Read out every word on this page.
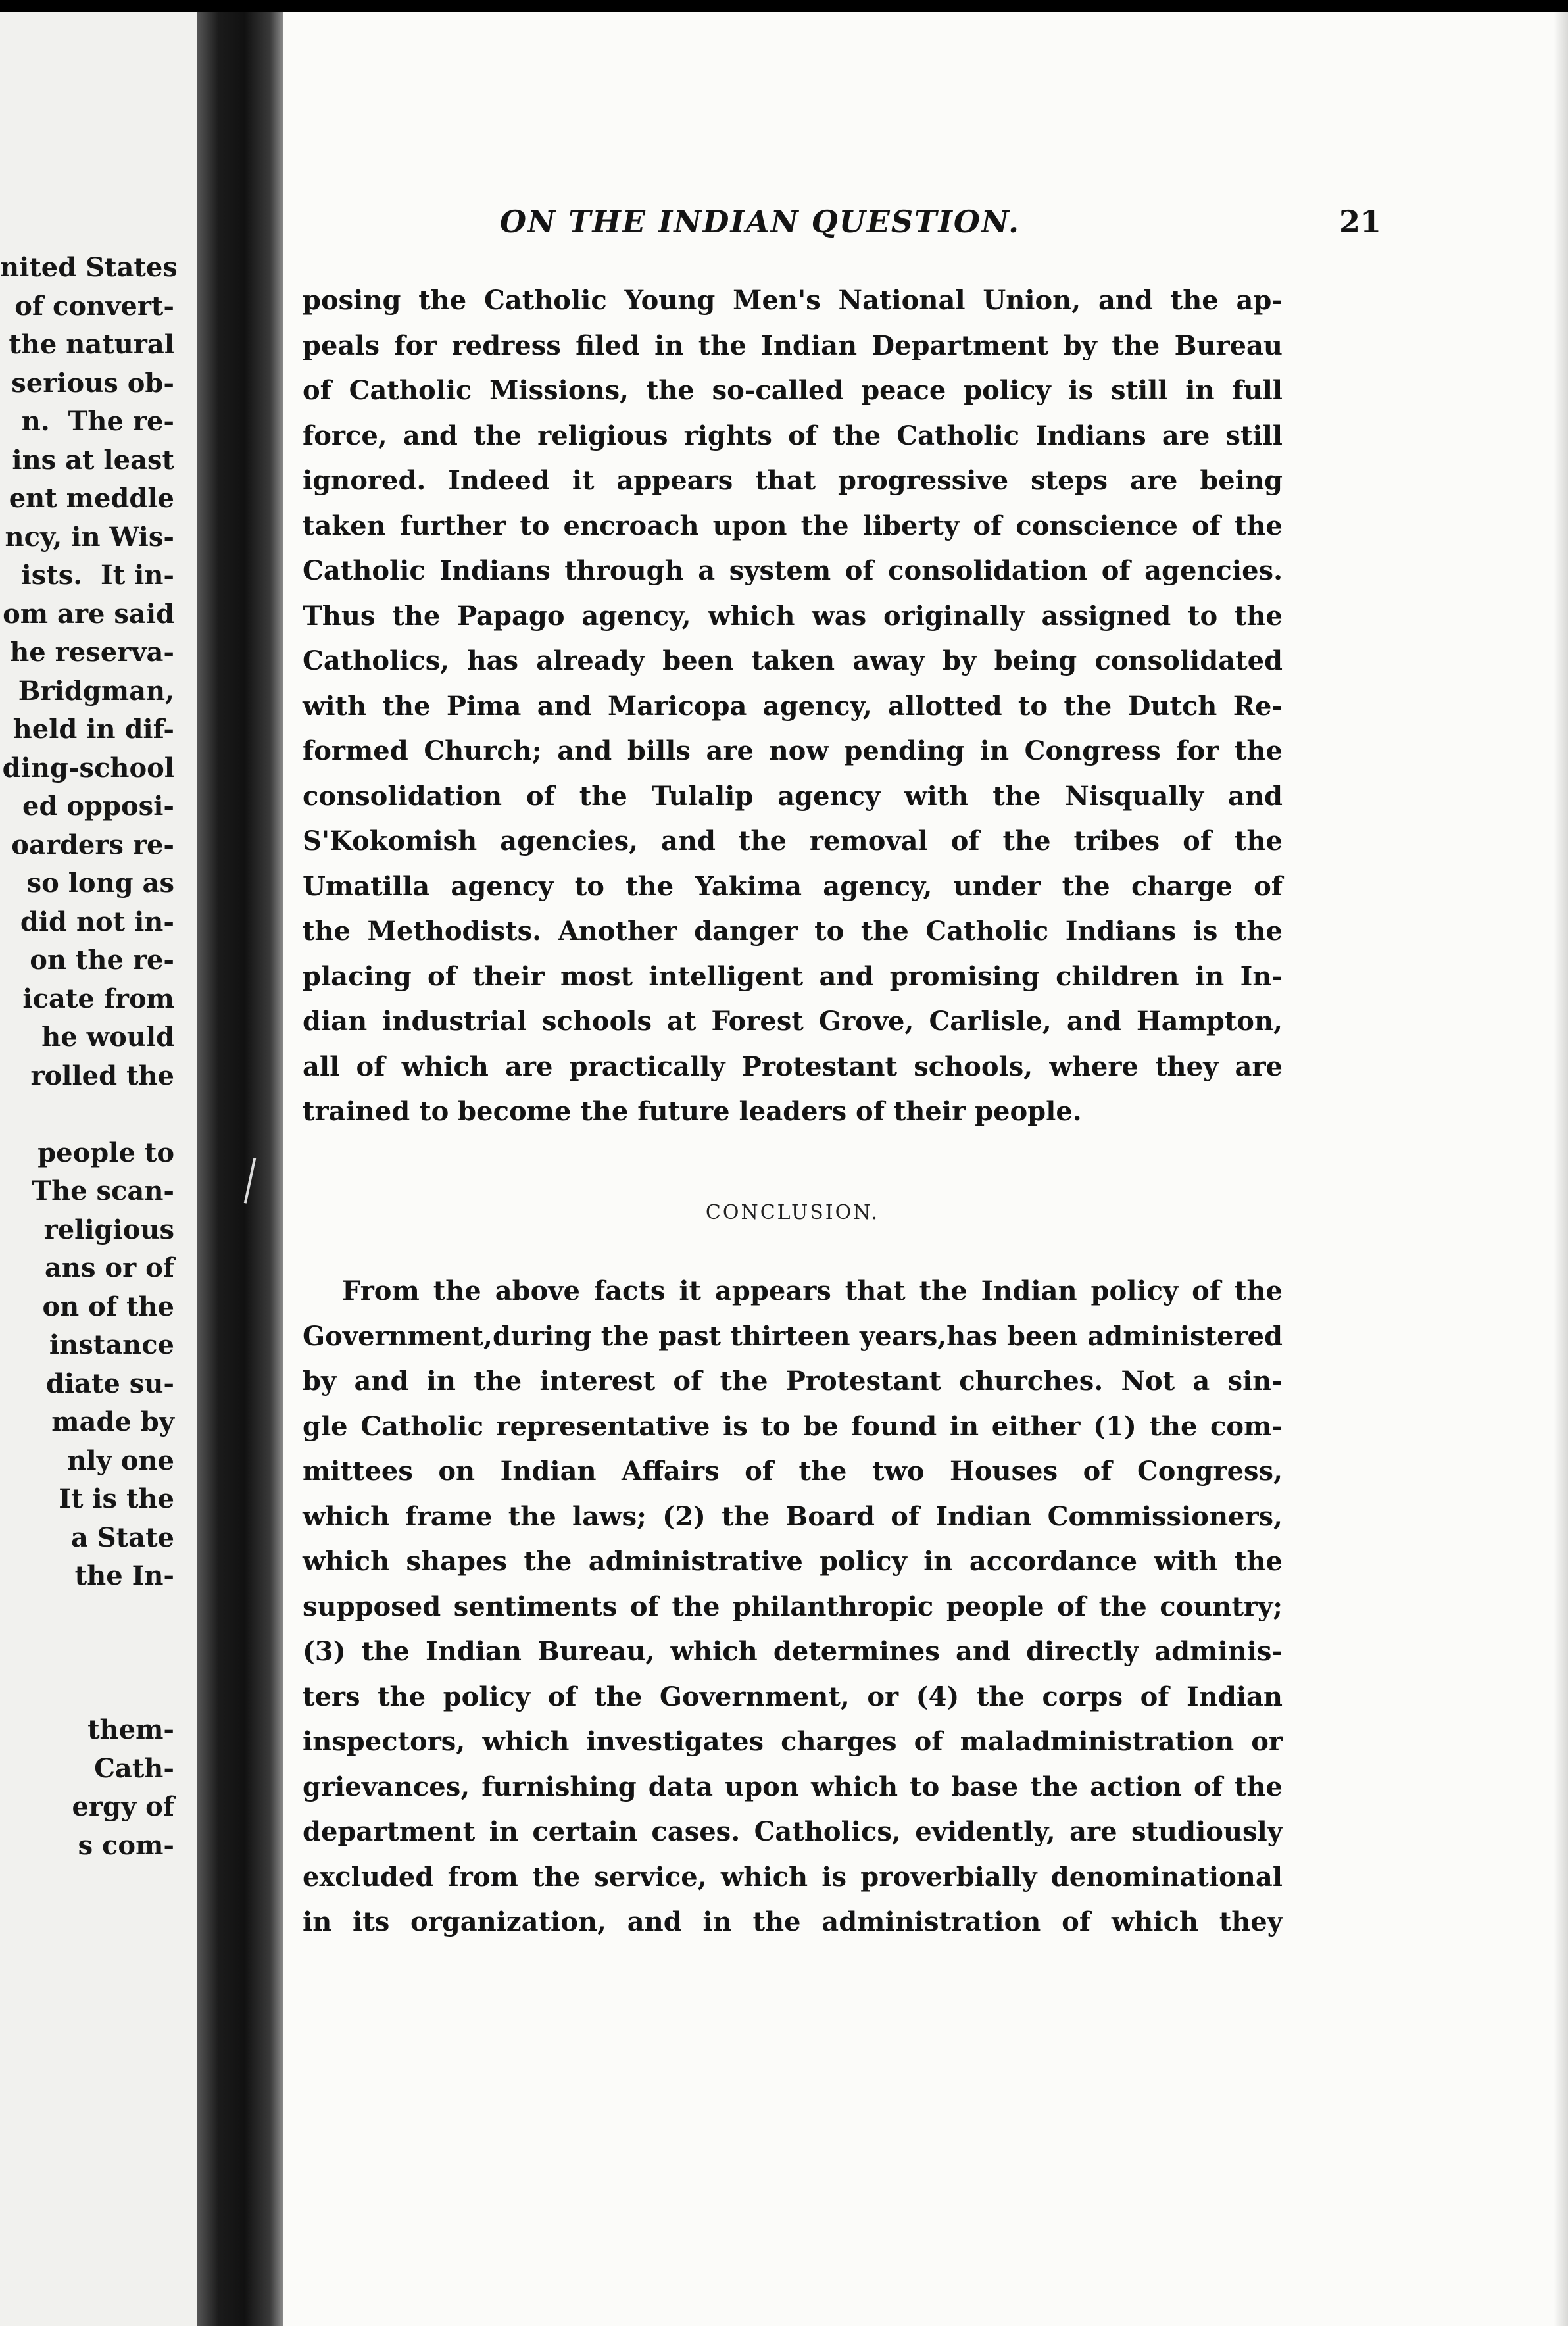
nited States
of convert-
the natural
serious ob-
n.  The re-
ins at least
ent meddle
ncy, in Wis-
ists.  It in-
om are said
he reserva-
Bridgman,
held in dif-
ding-school
ed opposi-
oarders re-
so long as
did not in-
on the re-
icate from
he would
rolled the

people to
The scan-
religious
ans or of
on of the
instance
diate su-
made by
nly one
It is the
a State
the In-

them-
Cath-
ergy of
s com-
ON THE INDIAN QUESTION.	21
posing the Catholic Young Men's National Union, and the ap-
peals for redress filed in the Indian Department by the Bureau
of Catholic Missions, the so-called peace policy is still in full
force, and the religious rights of the Catholic Indians are still
ignored. Indeed it appears that progressive steps are being
taken further to encroach upon the liberty of conscience of the
Catholic Indians through a system of consolidation of agencies.
Thus the Papago agency, which was originally assigned to the
Catholics, has already been taken away by being consolidated
with the Pima and Maricopa agency, allotted to the Dutch Re-
formed Church; and bills are now pending in Congress for the
consolidation of the Tulalip agency with the Nisqually and
S'Kokomish agencies, and the removal of the tribes of the
Umatilla agency to the Yakima agency, under the charge of
the Methodists. Another danger to the Catholic Indians is the
placing of their most intelligent and promising children in In-
dian industrial schools at Forest Grove, Carlisle, and Hampton,
all of which are practically Protestant schools, where they are
trained to become the future leaders of their people.
CONCLUSION.
From the above facts it appears that the Indian policy of the
Government,during the past thirteen years,has been administered
by and in the interest of the Protestant churches. Not a sin-
gle Catholic representative is to be found in either (1) the com-
mittees on Indian Affairs of the two Houses of Congress,
which frame the laws; (2) the Board of Indian Commissioners,
which shapes the administrative policy in accordance with the
supposed sentiments of the philanthropic people of the country;
(3) the Indian Bureau, which determines and directly adminis-
ters the policy of the Government, or (4) the corps of Indian
inspectors, which investigates charges of maladministration or
grievances, furnishing data upon which to base the action of the
department in certain cases. Catholics, evidently, are studiously
excluded from the service, which is proverbially denominational
in its organization, and in the administration of which they
